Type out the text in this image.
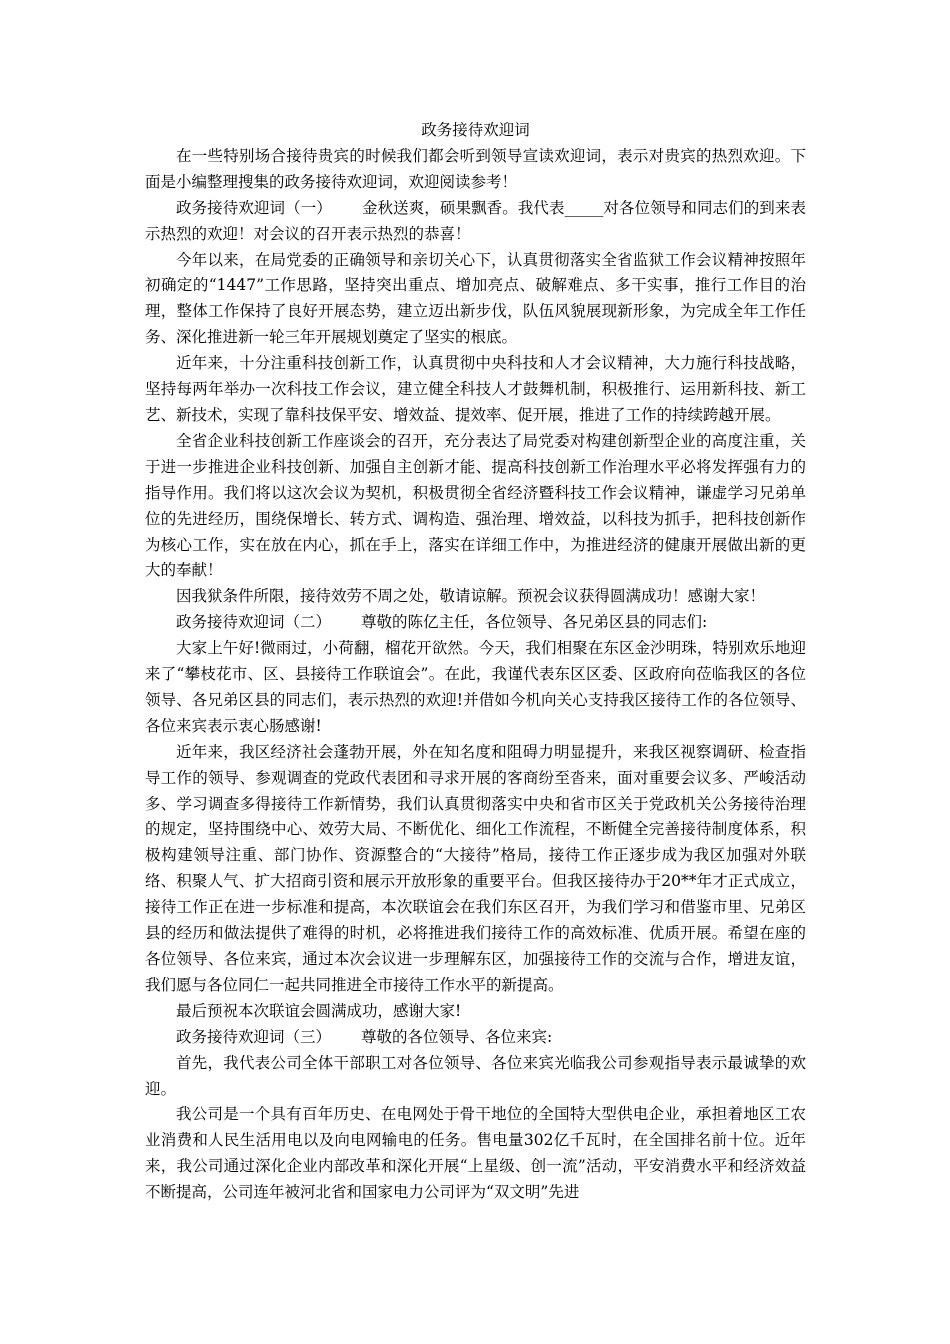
政务接待欢迎词

在一些特别场合接待贵宾的时候我们都会听到领导宣读欢迎词，表示对贵宾的热烈欢迎。下面是小编整理搜集的政务接待欢迎词，欢迎阅读参考！

政务接待欢迎词（一） 金秋送爽，硕果飘香。我代表_____对各位领导和同志们的到来表示热烈的欢迎！对会议的召开表示热烈的恭喜！

今年以来，在局党委的正确领导和亲切关心下，认真贯彻落实全省监狱工作会议精神按照年初确定的“1447”工作思路，坚持突出重点、增加亮点、破解难点、多干实事，推行工作目的治理，整体工作保持了良好开展态势，建立迈出新步伐，队伍风貌展现新形象，为完成全年工作任务、深化推进新一轮三年开展规划奠定了坚实的根底。

近年来，十分注重科技创新工作，认真贯彻中央科技和人才会议精神，大力施行科技战略，坚持每两年举办一次科技工作会议，建立健全科技人才鼓舞机制，积极推行、运用新科技、新工艺、新技术，实现了靠科技保平安、增效益、提效率、促开展，推进了工作的持续跨越开展。

全省企业科技创新工作座谈会的召开，充分表达了局党委对构建创新型企业的高度注重，关于进一步推进企业科技创新、加强自主创新才能、提高科技创新工作治理水平必将发挥强有力的指导作用。我们将以这次会议为契机，积极贯彻全省经济暨科技工作会议精神，谦虚学习兄弟单位的先进经历，围绕保增长、转方式、调构造、强治理、增效益，以科技为抓手，把科技创新作为核心工作，实在放在内心，抓在手上，落实在详细工作中，为推进经济的健康开展做出新的更大的奉献！

因我狱条件所限，接待效劳不周之处，敬请谅解。预祝会议获得圆满成功！感谢大家！

政务接待欢迎词（二） 尊敬的陈亿主任，各位领导、各兄弟区县的同志们:

大家上午好!微雨过，小荷翻，榴花开欲然。今天，我们相聚在东区金沙明珠，特别欢乐地迎来了“攀枝花市、区、县接待工作联谊会”。在此，我谨代表东区区委、区政府向莅临我区的各位领导、各兄弟区县的同志们，表示热烈的欢迎!并借如今机向关心支持我区接待工作的各位领导、各位来宾表示衷心肠感谢!

近年来，我区经济社会蓬勃开展，外在知名度和阻碍力明显提升，来我区视察调研、检查指导工作的领导、参观调查的党政代表团和寻求开展的客商纷至沓来，面对重要会议多、严峻活动多、学习调查多得接待工作新情势，我们认真贯彻落实中央和省市区关于党政机关公务接待治理的规定，坚持围绕中心、效劳大局、不断优化、细化工作流程，不断健全完善接待制度体系，积极构建领导注重、部门协作、资源整合的“大接待”格局，接待工作正逐步成为我区加强对外联络、积聚人气、扩大招商引资和展示开放形象的重要平台。但我区接待办于20**年才正式成立，接待工作正在进一步标准和提高，本次联谊会在我们东区召开，为我们学习和借鉴市里、兄弟区县的经历和做法提供了难得的时机，必将推进我们接待工作的高效标准、优质开展。希望在座的各位领导、各位来宾，通过本次会议进一步理解东区，加强接待工作的交流与合作，增进友谊，我们愿与各位同仁一起共同推进全市接待工作水平的新提高。

最后预祝本次联谊会圆满成功，感谢大家!

政务接待欢迎词（三） 尊敬的各位领导、各位来宾:

首先，我代表公司全体干部职工对各位领导、各位来宾光临我公司参观指导表示最诚挚的欢迎。

我公司是一个具有百年历史、在电网处于骨干地位的全国特大型供电企业，承担着地区工农业消费和人民生活用电以及向电网输电的任务。售电量302亿千瓦时，在全国排名前十位。近年来，我公司通过深化企业内部改革和深化开展“上星级、创一流”活动，平安消费水平和经济效益不断提高，公司连年被河北省和国家电力公司评为“双文明”先进
